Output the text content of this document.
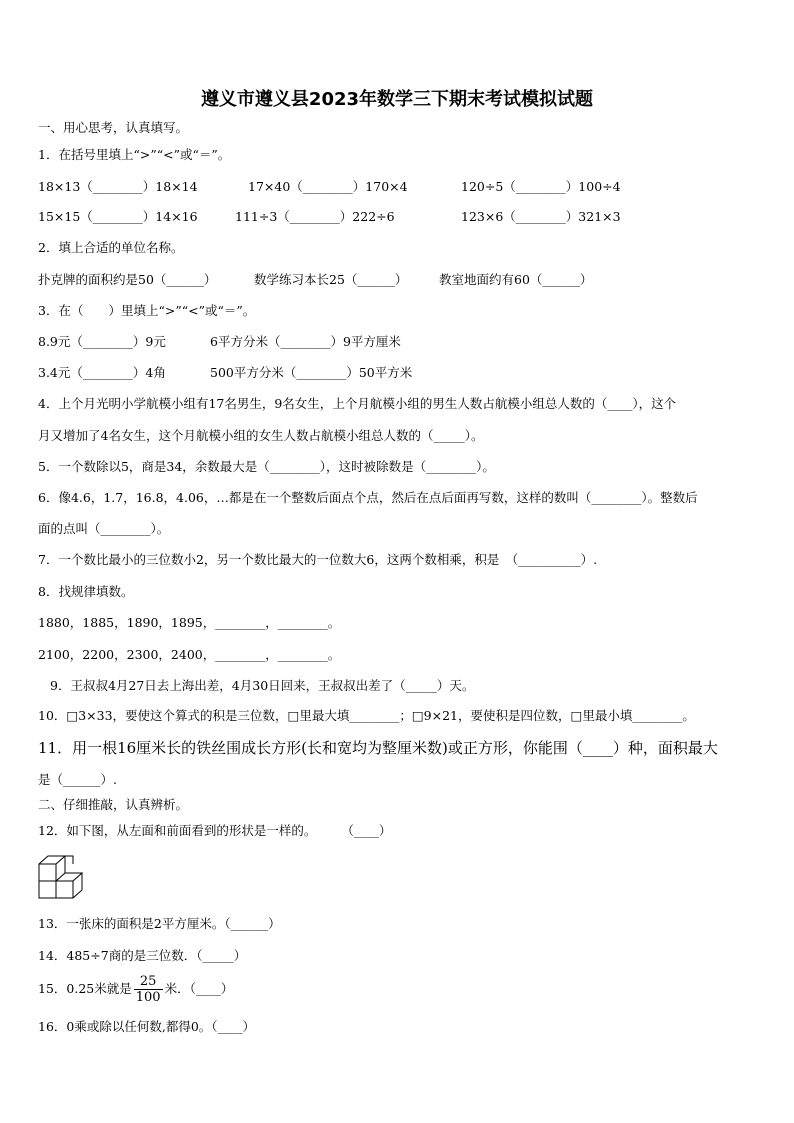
遵义市遵义县2023年数学三下期末考试模拟试题
一、用心思考，认真填写。
1．在括号里填上“>”“<”或“＝”。
18×13（________）18×14	17×40（________）170×4	120÷5（________）100÷4
15×15（________）14×16	111÷3（________）222÷6	123×6（________）321×3
2．填上合适的单位名称。
扑克牌的面积约是50（______）	数学练习本长25（______）	教室地面约有60（______）
3．在（　　）里填上“>”“<”或“＝”。
8.9元（________）9元	6平方分米（________）9平方厘米
3.4元（________）4角	500平方分米（________）50平方米
4．上个月光明小学航模小组有17名男生，9名女生，上个月航模小组的男生人数占航模小组总人数的（____），这个
月又增加了4名女生，这个月航模小组的女生人数占航模小组总人数的（_____）。
5．一个数除以5，商是34，余数最大是（________），这时被除数是（________）。
6．像4.6，1.7，16.8，4.06，…都是在一个整数后面点个点，然后在点后面再写数，这样的数叫（________）。整数后
面的点叫（________）。
7．一个数比最小的三位数小2，另一个数比最大的一位数大6，这两个数相乘，积是　（__________）.
8．找规律填数。
1880，1885，1890，1895，________，________。
2100，2200，2300，2400，________，________。
9．王叔叔4月27日去上海出差，4月30日回来，王叔叔出差了（_____）天。
10．□3×33，要使这个算式的积是三位数，□里最大填________；□9×21，要使积是四位数，□里最小填________。
11．用一根16厘米长的铁丝围成长方形(长和宽均为整厘米数)或正方形，你能围（____）种，面积最大
是（______）.
二、仔细推敲，认真辨析。
12．如下图，从左面和前面看到的形状是一样的。　　　（____）
13．一张床的面积是2平方厘米。（______）
14．485÷7商的是三位数．（_____）
15．0.25米就是 $\frac{25}{100}$ 米．（____）
16．0乘或除以任何数,都得0。（____）
